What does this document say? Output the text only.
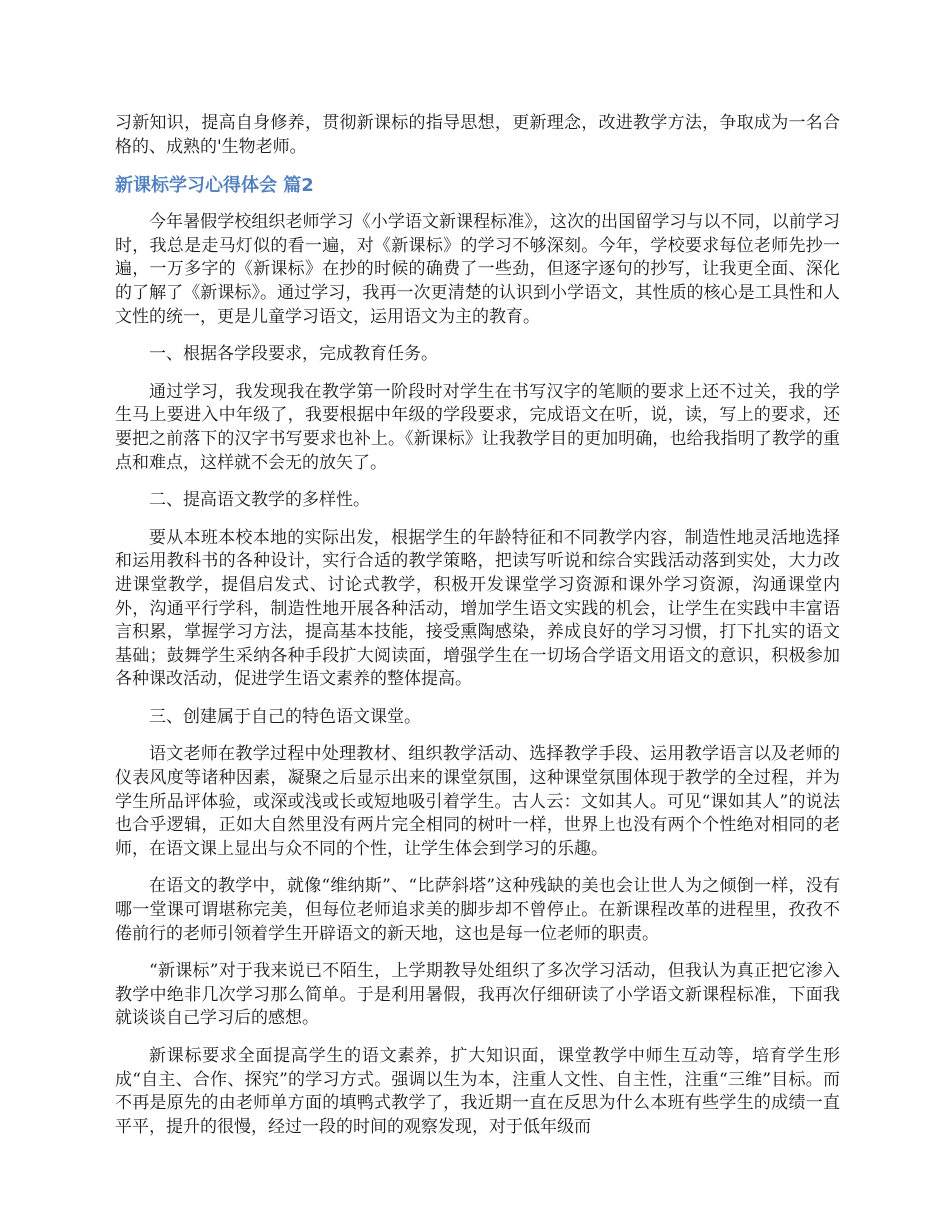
习新知识，提高自身修养，贯彻新课标的指导思想，更新理念，改进教学方法，争取成为一名合格的、成熟的'生物老师。

新课标学习心得体会 篇2

今年暑假学校组织老师学习《小学语文新课程标准》，这次的出国留学习与以不同，以前学习时，我总是走马灯似的看一遍，对《新课标》的学习不够深刻。今年，学校要求每位老师先抄一遍，一万多字的《新课标》在抄的时候的确费了一些劲，但逐字逐句的抄写，让我更全面、深化的了解了《新课标》。通过学习，我再一次更清楚的认识到小学语文，其性质的核心是工具性和人文性的统一，更是儿童学习语文，运用语文为主的教育。

一、根据各学段要求，完成教育任务。

通过学习，我发现我在教学第一阶段时对学生在书写汉字的笔顺的要求上还不过关，我的学生马上要进入中年级了，我要根据中年级的学段要求，完成语文在听，说，读，写上的要求，还要把之前落下的汉字书写要求也补上。《新课标》让我教学目的更加明确，也给我指明了教学的重点和难点，这样就不会无的放矢了。

二、提高语文教学的多样性。

要从本班本校本地的实际出发，根据学生的年龄特征和不同教学内容，制造性地灵活地选择和运用教科书的各种设计，实行合适的教学策略，把读写听说和综合实践活动落到实处，大力改进课堂教学，提倡启发式、讨论式教学，积极开发课堂学习资源和课外学习资源，沟通课堂内外，沟通平行学科，制造性地开展各种活动，增加学生语文实践的机会，让学生在实践中丰富语言积累，掌握学习方法，提高基本技能，接受熏陶感染，养成良好的学习习惯，打下扎实的语文基础；鼓舞学生采纳各种手段扩大阅读面，增强学生在一切场合学语文用语文的意识，积极参加各种课改活动，促进学生语文素养的整体提高。

三、创建属于自己的特色语文课堂。

语文老师在教学过程中处理教材、组织教学活动、选择教学手段、运用教学语言以及老师的仪表风度等诸种因素，凝聚之后显示出来的课堂氛围，这种课堂氛围体现于教学的全过程，并为学生所品评体验，或深或浅或长或短地吸引着学生。古人云：文如其人。可见“课如其人”的说法也合乎逻辑，正如大自然里没有两片完全相同的树叶一样，世界上也没有两个个性绝对相同的老师，在语文课上显出与众不同的个性，让学生体会到学习的乐趣。

在语文的教学中，就像“维纳斯”、“比萨斜塔”这种残缺的美也会让世人为之倾倒一样，没有哪一堂课可谓堪称完美，但每位老师追求美的脚步却不曾停止。在新课程改革的进程里，孜孜不倦前行的老师引领着学生开辟语文的新天地，这也是每一位老师的职责。

“新课标”对于我来说已不陌生，上学期教导处组织了多次学习活动，但我认为真正把它渗入教学中绝非几次学习那么简单。于是利用暑假，我再次仔细研读了小学语文新课程标准，下面我就谈谈自己学习后的感想。

新课标要求全面提高学生的语文素养，扩大知识面，课堂教学中师生互动等，培育学生形成“自主、合作、探究”的学习方式。强调以生为本，注重人文性、自主性，注重“三维”目标。而不再是原先的由老师单方面的填鸭式教学了，我近期一直在反思为什么本班有些学生的成绩一直平平，提升的很慢，经过一段的时间的观察发现，对于低年级而
